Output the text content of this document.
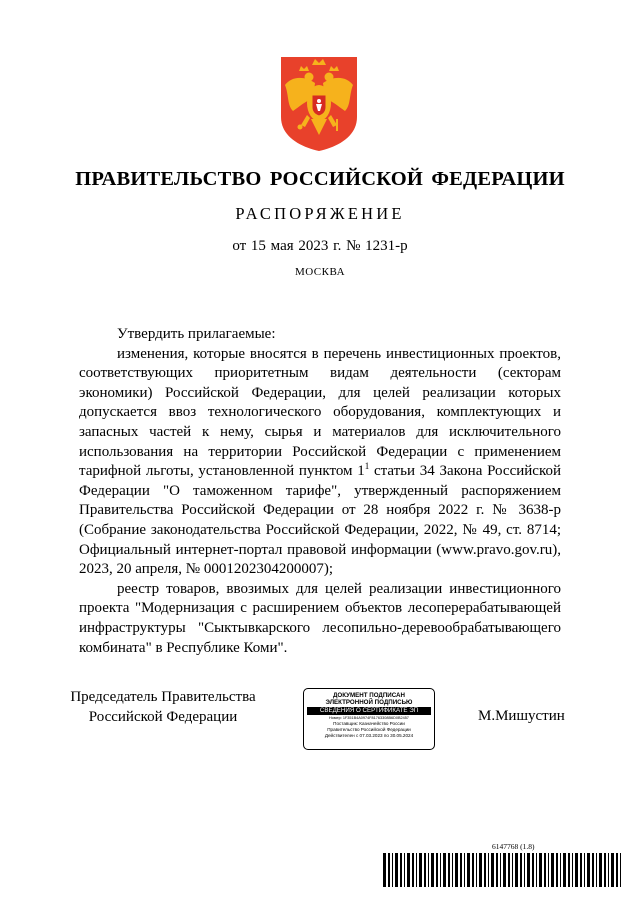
ПРАВИТЕЛЬСТВО РОССИЙСКОЙ ФЕДЕРАЦИИ
РАСПОРЯЖЕНИЕ
от 15 мая 2023 г. № 1231-р
МОСКВА

Утвердить прилагаемые:

изменения, которые вносятся в перечень инвестиционных проектов, соответствующих приоритетным видам деятельности (секторам экономики) Российской Федерации, для целей реализации которых допускается ввоз технологического оборудования, комплектующих и запасных частей к нему, сырья и материалов для исключительного использования на территории Российской Федерации с применением тарифной льготы, установленной пунктом $1^1$ статьи 34 Закона Российской Федерации "О таможенном тарифе", утвержденный распоряжением Правительства Российской Федерации от 28 ноября 2022 г. № 3638-р (Собрание законодательства Российской Федерации, 2022, № 49, ст. 8714; Официальный интернет-портал правовой информации (www.pravo.gov.ru), 2023, 20 апреля, № 0001202304200007);

реестр товаров, ввозимых для целей реализации инвестиционного проекта "Модернизация с расширением объектов лесоперерабатывающей инфраструктуры "Сыктывкарского лесопильно-деревообрабатывающего комбината" в Республике Коми".

Председатель Правительства
Российской Федерации
ДОКУМЕНТ ПОДПИСАН
ЭЛЕКТРОННОЙ ПОДПИСЬЮ
СВЕДЕНИЯ О СЕРТИФИКАТЕ ЭП
Номер: 1F351B4A0974F81763308B6D0B2457
Поставщик: Казначейство России
Правительство Российской Федерации
Действителен с 07.03.2023 по 30.05.2024
М.Мишустин
6147768 (1.8)
